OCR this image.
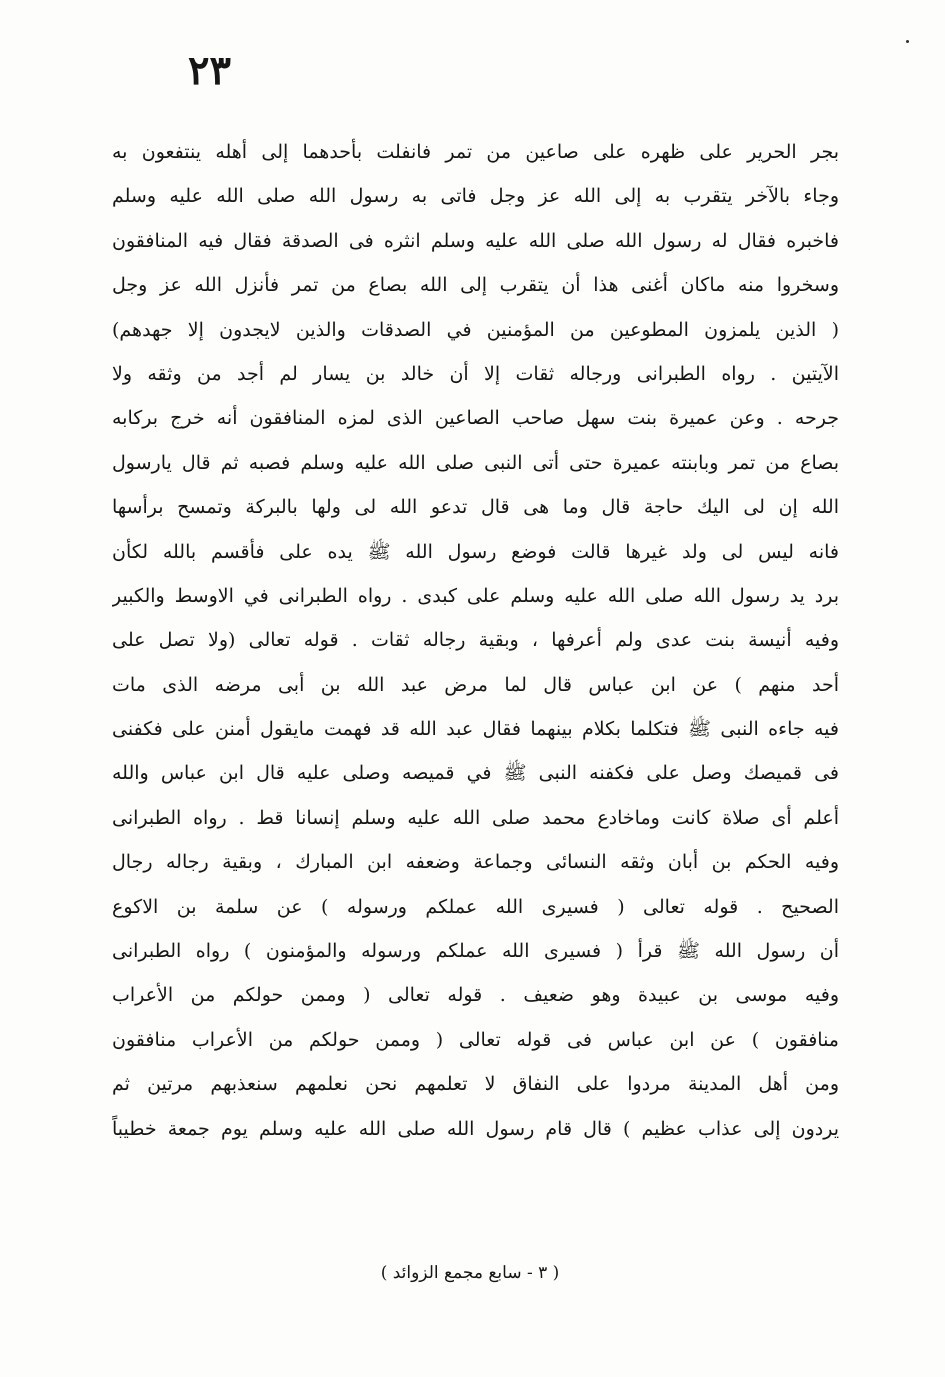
٢٣
بجر الحرير على ظهره على صاعين من تمر فانفلت بأحدهما إلى أهله ينتفعون به
وجاء بالآخر يتقرب به إلى الله عز وجل فاتى به رسول الله صلى الله عليه وسلم
فاخبره فقال له رسول الله صلى الله عليه وسلم انثره فى الصدقة فقال فيه المنافقون
وسخروا منه ماكان أغنى هذا أن يتقرب إلى الله بصاع من تمر فأنزل الله عز وجل
( الذين يلمزون المطوعين من المؤمنين في الصدقات والذين لايجدون إلا جهدهم)
الآيتين . رواه الطبرانى ورجاله ثقات إلا أن خالد بن يسار لم أجد من وثقه ولا
جرحه . وعن عميرة بنت سهل صاحب الصاعين الذى لمزه المنافقون أنه خرج بركابه
بصاع من تمر وبابنته عميرة حتى أتى النبى صلى الله عليه وسلم فصبه ثم قال يارسول
الله إن لى اليك حاجة قال وما هى قال تدعو الله لى ولها بالبركة وتمسح برأسها
فانه ليس لى ولد غيرها قالت فوضع رسول الله ﷺ يده على فأقسم بالله لكأن
برد يد رسول الله صلى الله عليه وسلم على كبدى . رواه الطبرانى في الاوسط والكبير
وفيه أنيسة بنت عدى ولم أعرفها ، وبقية رجاله ثقات . قوله تعالى (ولا تصل على
أحد منهم ) عن ابن عباس قال لما مرض عبد الله بن أبى مرضه الذى مات
فيه جاءه النبى ﷺ فتكلما بكلام بينهما فقال عبد الله قد فهمت مايقول أمنن على فكفنى
فى قميصك وصل على فكفنه النبى ﷺ في قميصه وصلى عليه قال ابن عباس والله
أعلم أى صلاة كانت وماخادع محمد صلى الله عليه وسلم إنسانا قط . رواه الطبرانى
وفيه الحكم بن أبان وثقه النسائى وجماعة وضعفه ابن المبارك ، وبقية رجاله رجال
الصحيح . قوله تعالى ( فسيرى الله عملكم ورسوله ) عن سلمة بن الاكوع
أن رسول الله ﷺ قرأ ( فسيرى الله عملكم ورسوله والمؤمنون ) رواه الطبرانى
وفيه موسى بن عبيدة وهو ضعيف . قوله تعالى ( وممن حولكم من الأعراب
منافقون ) عن ابن عباس فى قوله تعالى ( وممن حولكم من الأعراب منافقون
ومن أهل المدينة مردوا على النفاق لا تعلمهم نحن نعلمهم سنعذبهم مرتين ثم
يردون إلى عذاب عظيم ) قال قام رسول الله صلى الله عليه وسلم يوم جمعة خطيباً
( ٣ - سابع مجمع الزوائد )
